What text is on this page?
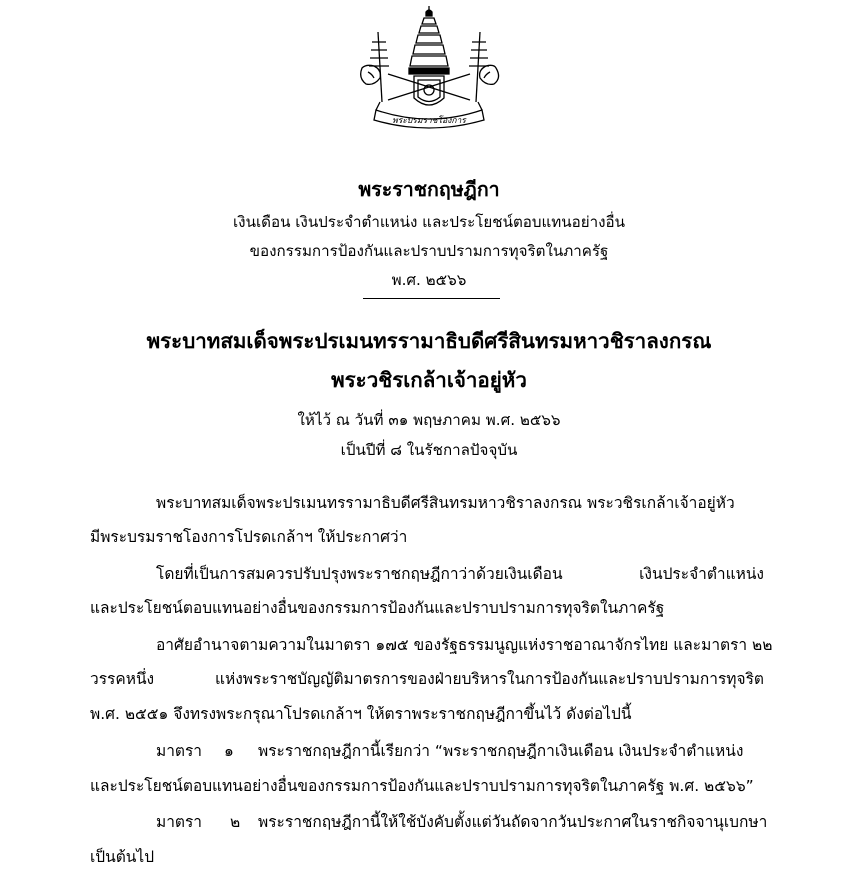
พระบรมราชโองการ
พระราชกฤษฎีกา
เงินเดือน เงินประจำตำแหน่ง และประโยชน์ตอบแทนอย่างอื่น
ของกรรมการป้องกันและปราบปรามการทุจริตในภาครัฐ
พ.ศ. ๒๕๖๖
พระบาทสมเด็จพระปรเมนทรรามาธิบดีศรีสินทรมหาวชิราลงกรณ
พระวชิรเกล้าเจ้าอยู่หัว
ให้ไว้ ณ วันที่ ๓๑ พฤษภาคม พ.ศ. ๒๕๖๖
เป็นปีที่ ๘ ในรัชกาลปัจจุบัน
พระบาทสมเด็จพระปรเมนทรรามาธิบดีศรีสินทรมหาวชิราลงกรณ พระวชิรเกล้าเจ้าอยู่หัว
มีพระบรมราชโองการโปรดเกล้าฯ ให้ประกาศว่า
โดยที่เป็นการสมควรปรับปรุงพระราชกฤษฎีกาว่าด้วยเงินเดือน เงินประจำตำแหน่ง
และประโยชน์ตอบแทนอย่างอื่นของกรรมการป้องกันและปราบปรามการทุจริตในภาครัฐ
อาศัยอำนาจตามความในมาตรา ๑๗๕ ของรัฐธรรมนูญแห่งราชอาณาจักรไทย และมาตรา ๒๒
วรรคหนึ่ง แห่งพระราชบัญญัติมาตรการของฝ่ายบริหารในการป้องกันและปราบปรามการทุจริต
พ.ศ. ๒๕๕๑ จึงทรงพระกรุณาโปรดเกล้าฯ ให้ตราพระราชกฤษฎีกาขึ้นไว้ ดังต่อไปนี้
มาตรา ๑ พระราชกฤษฎีกานี้เรียกว่า “พระราชกฤษฎีกาเงินเดือน เงินประจำตำแหน่ง
และประโยชน์ตอบแทนอย่างอื่นของกรรมการป้องกันและปราบปรามการทุจริตในภาครัฐ พ.ศ. ๒๕๖๖”
มาตรา ๒ พระราชกฤษฎีกานี้ให้ใช้บังคับตั้งแต่วันถัดจากวันประกาศในราชกิจจานุเบกษา
เป็นต้นไป
